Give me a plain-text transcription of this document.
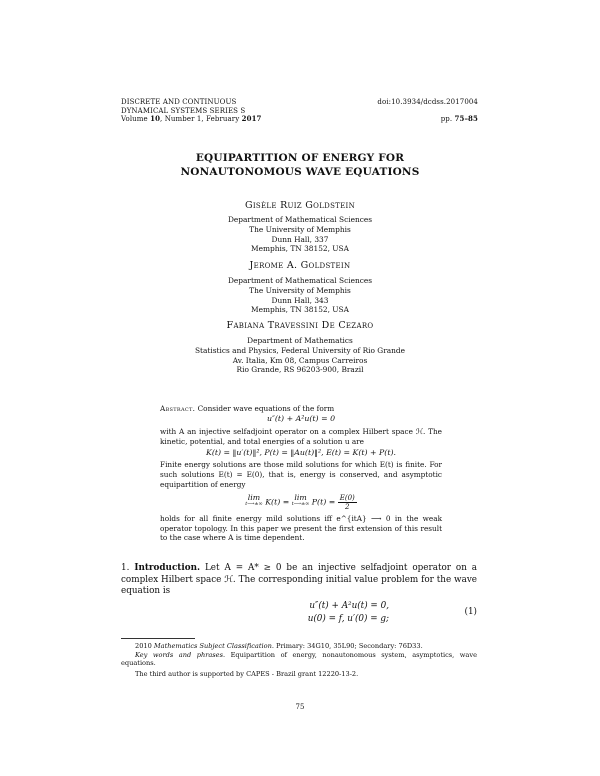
DISCRETE AND CONTINUOUS
DYNAMICAL SYSTEMS SERIES S
Volume 10, Number 1, February 2017
doi:10.3934/dcdss.2017004

pp. 75–85
EQUIPARTITION OF ENERGY FOR
NONAUTONOMOUS WAVE EQUATIONS
Gisèle Ruiz Goldstein
Department of Mathematical Sciences
The University of Memphis
Dunn Hall, 337
Memphis, TN 38152, USA
Jerome A. Goldstein
Department of Mathematical Sciences
The University of Memphis
Dunn Hall, 343
Memphis, TN 38152, USA
Fabiana Travessini De Cezaro
Department of Mathematics
Statistics and Physics, Federal University of Rio Grande
Av. Italia, Km 08, Campus Carreiros
Rio Grande, RS 96203-900, Brazil
Abstract. Consider wave equations of the form
u″(t) + A²u(t) = 0
with A an injective selfadjoint operator on a complex Hilbert space ℋ. The kinetic, potential, and total energies of a solution u are
K(t) = ‖u′(t)‖², P(t) = ‖Au(t)‖², E(t) = K(t) + P(t).
Finite energy solutions are those mild solutions for which E(t) is finite. For such solutions E(t) = E(0), that is, energy is conserved, and asymptotic equipartition of energy
lim
t⟶±∞ K(t) = lim
t⟶±∞ $P(t) = \frac{E(0)}{2}$
holds for all finite energy mild solutions iff e^{itA} ⟶ 0 in the weak operator topology. In this paper we present the first extension of this result to the case where A is time dependent.
1. Introduction. Let A = A* ≥ 0 be an injective selfadjoint operator on a complex Hilbert space ℋ. The corresponding initial value problem for the wave equation is
u″(t) + A²u(t) = 0,
u(0) = f, u′(0) = g;
(1)
2010 Mathematics Subject Classification. Primary: 34G10, 35L90; Secondary: 76D33.
Key words and phrases. Equipartition of energy, nonautonomous system, asymptotics, wave equations.
The third author is supported by CAPES - Brazil grant 12220-13-2.
75
